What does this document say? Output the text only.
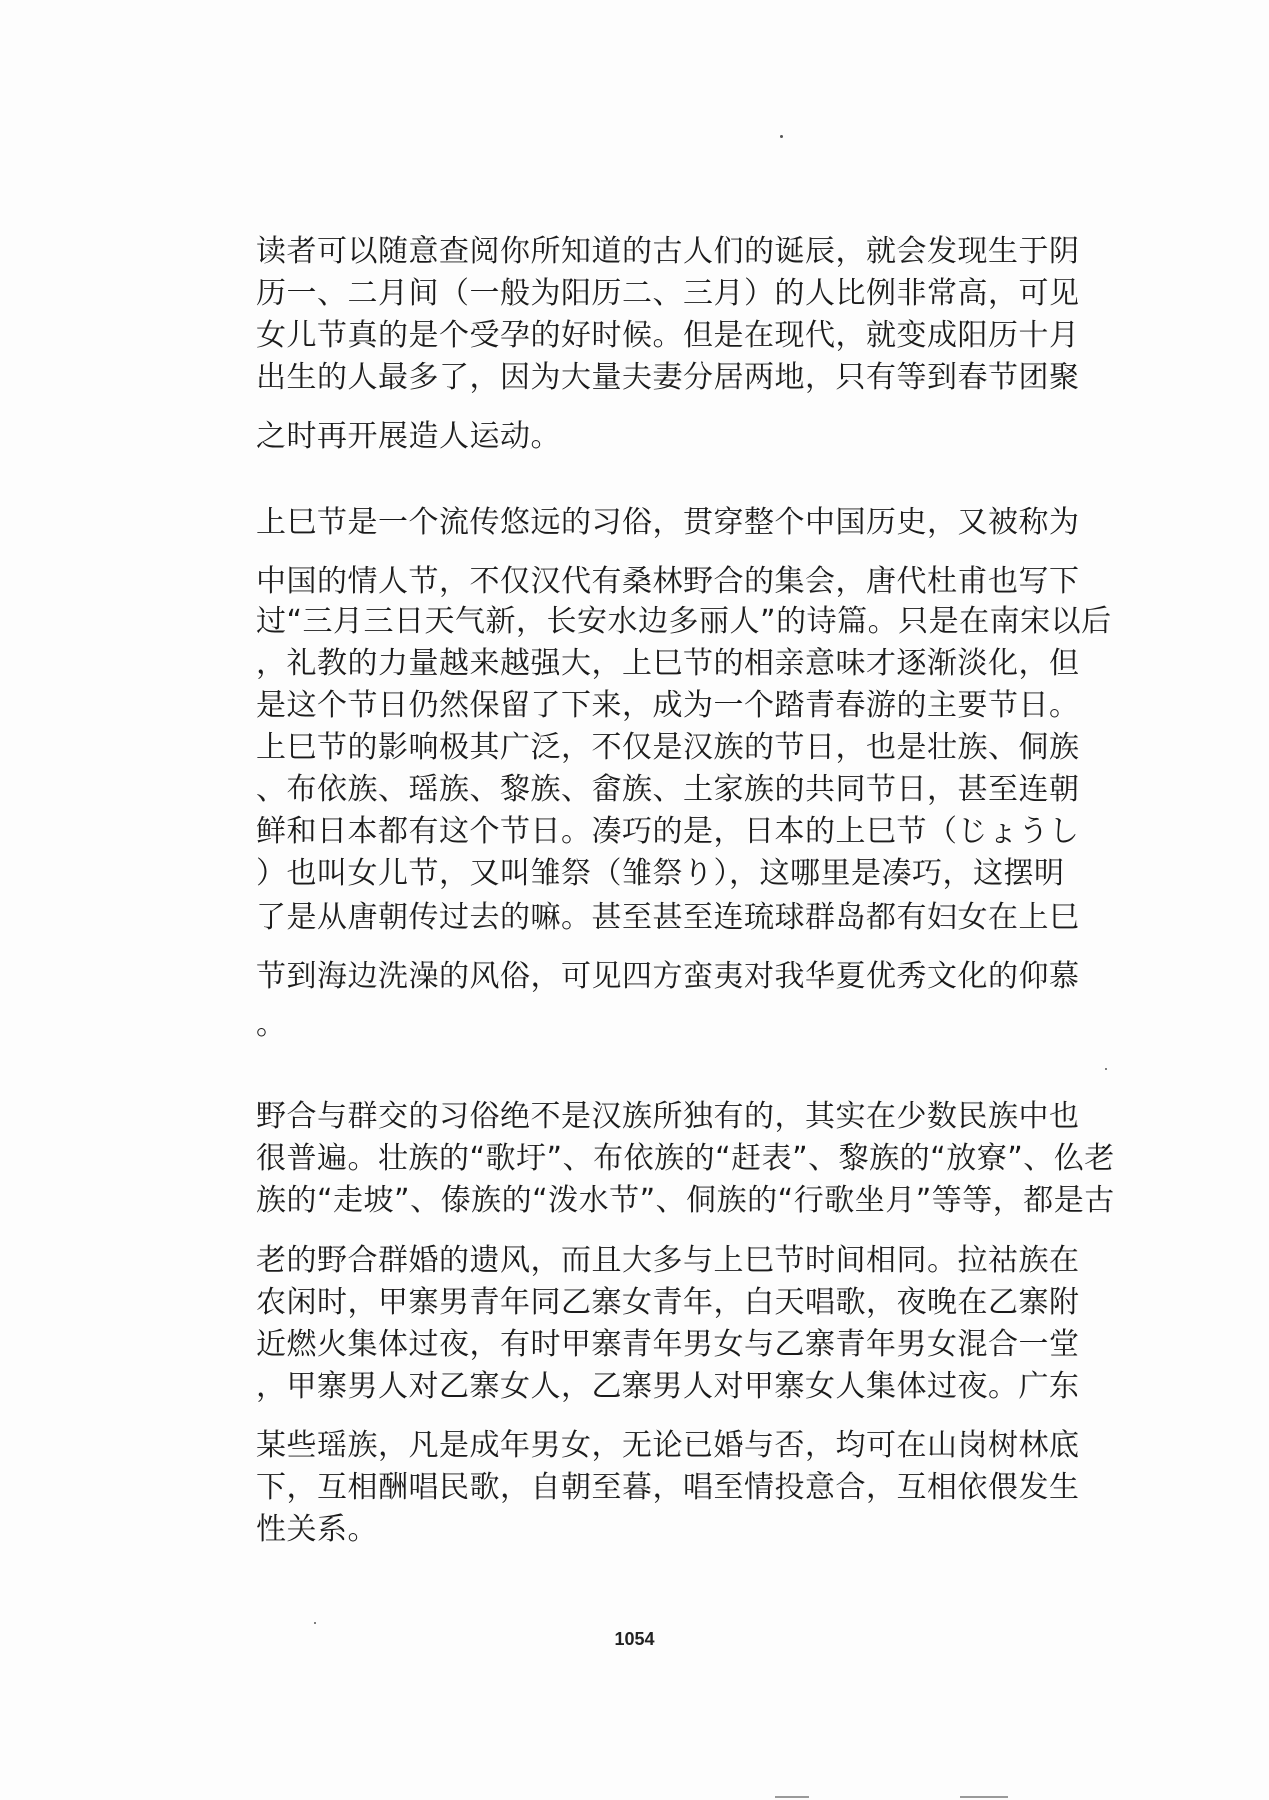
读者可以随意查阅你所知道的古人们的诞辰，就会发现生于阴
历一、二月间（一般为阳历二、三月）的人比例非常高，可见
女儿节真的是个受孕的好时候。但是在现代，就变成阳历十月
出生的人最多了，因为大量夫妻分居两地，只有等到春节团聚
之时再开展造人运动。
上巳节是一个流传悠远的习俗，贯穿整个中国历史，又被称为
中国的情人节，不仅汉代有桑林野合的集会，唐代杜甫也写下
过“三月三日天气新，长安水边多丽人”的诗篇。只是在南宋以后
，礼教的力量越来越强大，上巳节的相亲意味才逐渐淡化，但
是这个节日仍然保留了下来，成为一个踏青春游的主要节日。
上巳节的影响极其广泛，不仅是汉族的节日，也是壮族、侗族
、布依族、瑶族、黎族、畲族、土家族的共同节日，甚至连朝
鲜和日本都有这个节日。凑巧的是，日本的上巳节（じょうし
）也叫女儿节，又叫雏祭（雏祭り），这哪里是凑巧，这摆明
了是从唐朝传过去的嘛。甚至甚至连琉球群岛都有妇女在上巳
节到海边洗澡的风俗，可见四方蛮夷对我华夏优秀文化的仰慕
。
野合与群交的习俗绝不是汉族所独有的，其实在少数民族中也
很普遍。壮族的“歌圩”、布依族的“赶表”、黎族的“放寮”、仫老
族的“走坡”、傣族的“泼水节”、侗族的“行歌坐月”等等，都是古
老的野合群婚的遗风，而且大多与上巳节时间相同。拉祜族在
农闲时，甲寨男青年同乙寨女青年，白天唱歌，夜晚在乙寨附
近燃火集体过夜，有时甲寨青年男女与乙寨青年男女混合一堂
，甲寨男人对乙寨女人，乙寨男人对甲寨女人集体过夜。广东
某些瑶族，凡是成年男女，无论已婚与否，均可在山岗树林底
下，互相酬唱民歌，自朝至暮，唱至情投意合，互相依偎发生
性关系。
1054
